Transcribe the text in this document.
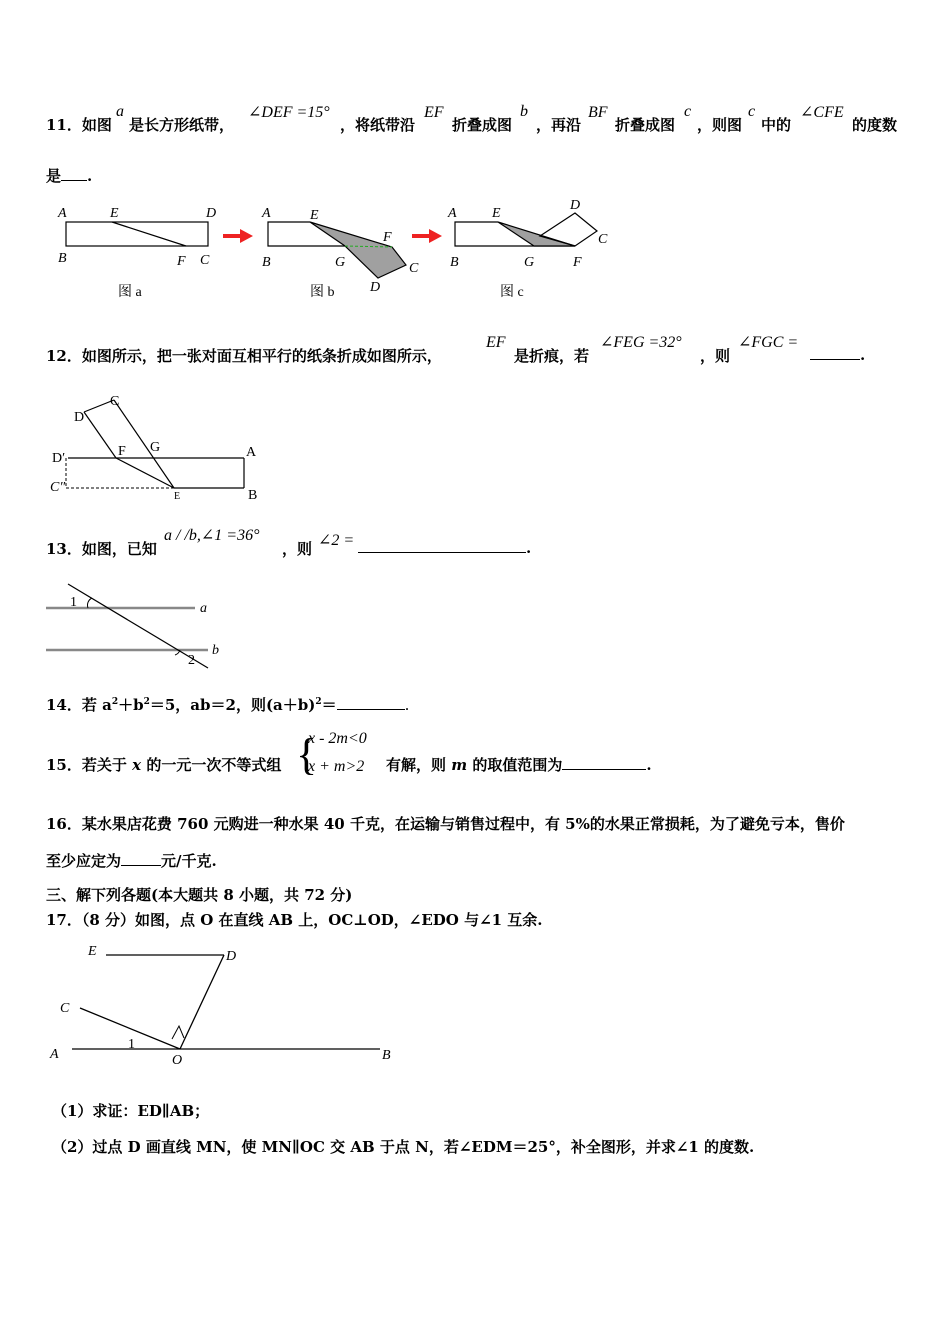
11．如图
a
是长方形纸带，
∠DEF =15°
，将纸带沿
EF
折叠成图
b
，再沿
BF
折叠成图
c
，则图
c
中的
∠CFE
的度数
是 .
A	E	D
B	F C
图 a
A	E
F
B	G	C
D
图 b
A	E
D
C
B	G	F
图 c
12．如图所示，把一张对面互相平行的纸条折成如图所示，
EF
是折痕，若
∠FEG =32°
，则
∠FGC =
.
D
C
F G	A
B
E
D′
C″
13．如图，已知
a / /b,∠1 =36°
，则 ∠2 =	.
1
2
a
b
14．若 $a^2+b^2=5$，ab＝2，则$(a+b)^2=$	.
15．若关于 x 的一元一次不等式组 {
x - 2m<0
x + m>2 有解，则 m 的取值范围为	.
16．某水果店花费 760 元购进一种水果 40 千克，在运输与销售过程中，有 5%的水果正常损耗，为了避免亏本，售价
至少应定为	元/千克.
三、解下列各题(本大题共 8 小题，共 72 分)
17．（8 分）如图，点 O 在直线 AB 上，OC⊥OD，∠EDO 与∠1 互余.
E	D
C
A
1
O	B
（1）求证：ED∥AB；
（2）过点 D 画直线 MN，使 MN∥OC 交 AB 于点 N，若∠EDM＝25°，补全图形，并求∠1 的度数.
